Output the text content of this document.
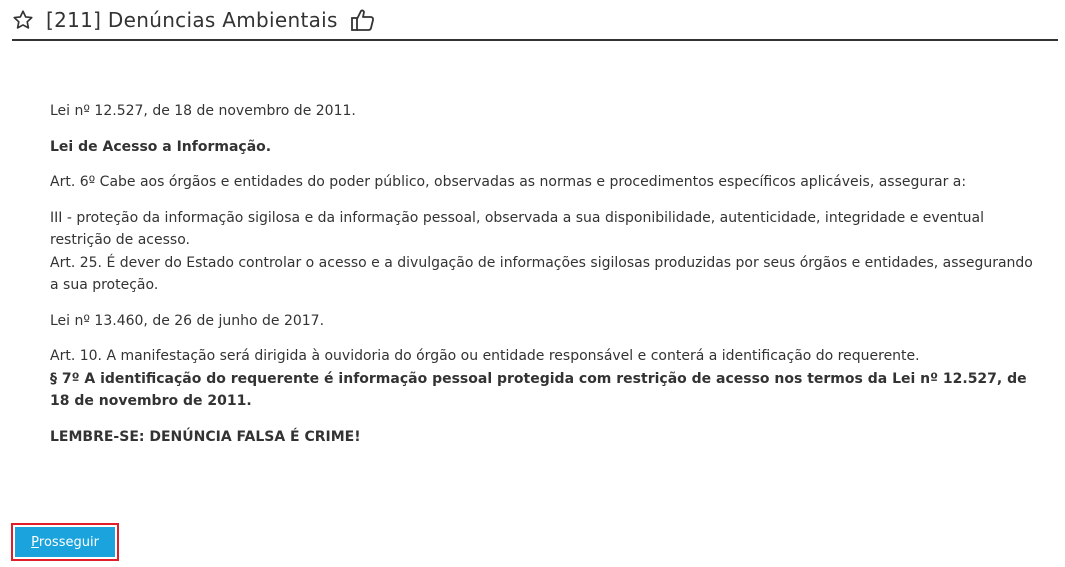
[211] Denúncias Ambientais

Lei nº 12.527, de 18 de novembro de 2011.

Lei de Acesso a Informação.

Art. 6º Cabe aos órgãos e entidades do poder público, observadas as normas e procedimentos específicos aplicáveis, assegurar a:

III - proteção da informação sigilosa e da informação pessoal, observada a sua disponibilidade, autenticidade, integridade e eventual restrição de acesso.
Art. 25. É dever do Estado controlar o acesso e a divulgação de informações sigilosas produzidas por seus órgãos e entidades, assegurando a sua proteção.

Lei nº 13.460, de 26 de junho de 2017.

Art. 10. A manifestação será dirigida à ouvidoria do órgão ou entidade responsável e conterá a identificação do requerente.
§ 7º A identificação do requerente é informação pessoal protegida com restrição de acesso nos termos da Lei nº 12.527, de 18 de novembro de 2011.

LEMBRE-SE: DENÚNCIA FALSA É CRIME!

P rosseguir
